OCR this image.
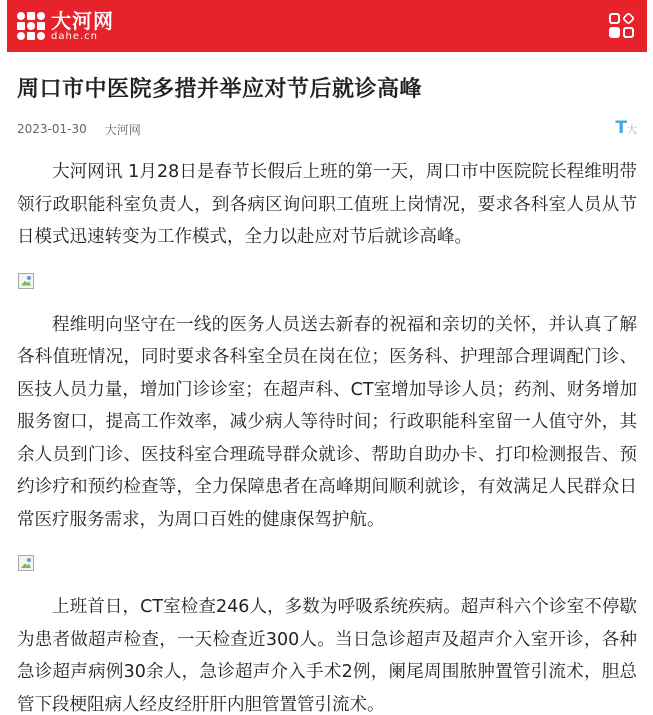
大河网
dahe.cn
周口市中医院多措并举应对节后就诊高峰
2023-01-30 大河网	T大

大河网讯 1月28日是春节长假后上班的第一天，周口市中医院院长程维明带领行政职能科室负责人，到各病区询问职工值班上岗情况，要求各科室人员从节日模式迅速转变为工作模式，全力以赴应对节后就诊高峰。

程维明向坚守在一线的医务人员送去新春的祝福和亲切的关怀，并认真了解各科值班情况，同时要求各科室全员在岗在位；医务科、护理部合理调配门诊、医技人员力量，增加门诊诊室；在超声科、CT室增加导诊人员；药剂、财务增加服务窗口，提高工作效率，减少病人等待时间；行政职能科室留一人值守外，其余人员到门诊、医技科室合理疏导群众就诊、帮助自助办卡、打印检测报告、预约诊疗和预约检查等，全力保障患者在高峰期间顺利就诊，有效满足人民群众日常医疗服务需求，为周口百姓的健康保驾护航。

上班首日，CT室检查246人，多数为呼吸系统疾病。超声科六个诊室不停歇为患者做超声检查，一天检查近300人。当日急诊超声及超声介入室开诊，各种急诊超声病例30余人，急诊超声介入手术2例，阑尾周围脓肿置管引流术，胆总管下段梗阻病人经皮经肝肝内胆管置管引流术。
